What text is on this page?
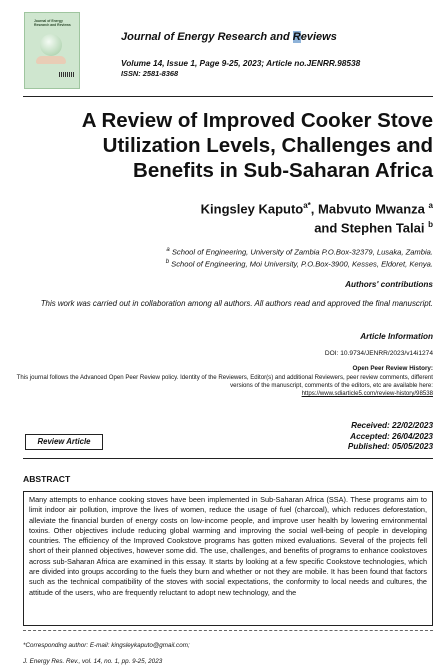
Journal of Energy
Research and Reviews
Journal of Energy Research and Reviews
Volume 14, Issue 1, Page 9-25, 2023; Article no.JENRR.98538
ISSN: 2581-8368
A Review of Improved Cooker Stove
Utilization Levels, Challenges and
Benefits in Sub-Saharan Africa
Kingsley Kaputo$^{a*}$, Mabvuto Mwanza $^a$
and Stephen Talai $^b$
$^a$ School of Engineering, University of Zambia P.O.Box-32379, Lusaka, Zambia.
$^b$ School of Engineering, Moi University, P.O.Box-3900, Kesses, Eldoret, Kenya.
Authors' contributions
This work was carried out in collaboration among all authors. All authors read and approved the final manuscript.
Article Information
DOI: 10.9734/JENRR/2023/v14i1274
Open Peer Review History:
This journal follows the Advanced Open Peer Review policy. Identity of the Reviewers, Editor(s) and additional Reviewers, peer review comments, different versions of the manuscript, comments of the editors, etc are available here:
https://www.sdiarticle5.com/review-history/98538
Review Article
Received: 22/02/2023
Accepted: 26/04/2023
Published: 05/05/2023
ABSTRACT
Many attempts to enhance cooking stoves have been implemented in Sub-Saharan Africa (SSA). These programs aim to limit indoor air pollution, improve the lives of women, reduce the usage of fuel (charcoal), which reduces deforestation, alleviate the financial burden of energy costs on low-income people, and improve user health by lowering environmental toxins. Other objectives include reducing global warming and improving the social well-being of people in developing countries. The efficiency of the Improved Cookstove programs has gotten mixed evaluations. Several of the projects fell short of their planned objectives, however some did. The use, challenges, and benefits of programs to enhance cookstoves across sub-Saharan Africa are examined in this essay. It starts by looking at a few specific Cookstove technologies, which are divided into groups according to the fuels they burn and whether or not they are mobile. It has been found that factors such as the technical compatibility of the stoves with social expectations, the conformity to local needs and cultures, the attitude of the users, who are frequently reluctant to adopt new technology, and the
*Corresponding author: E-mail: kingsleykaputo@gmail.com;
J. Energy Res. Rev., vol. 14, no. 1, pp. 9-25, 2023
